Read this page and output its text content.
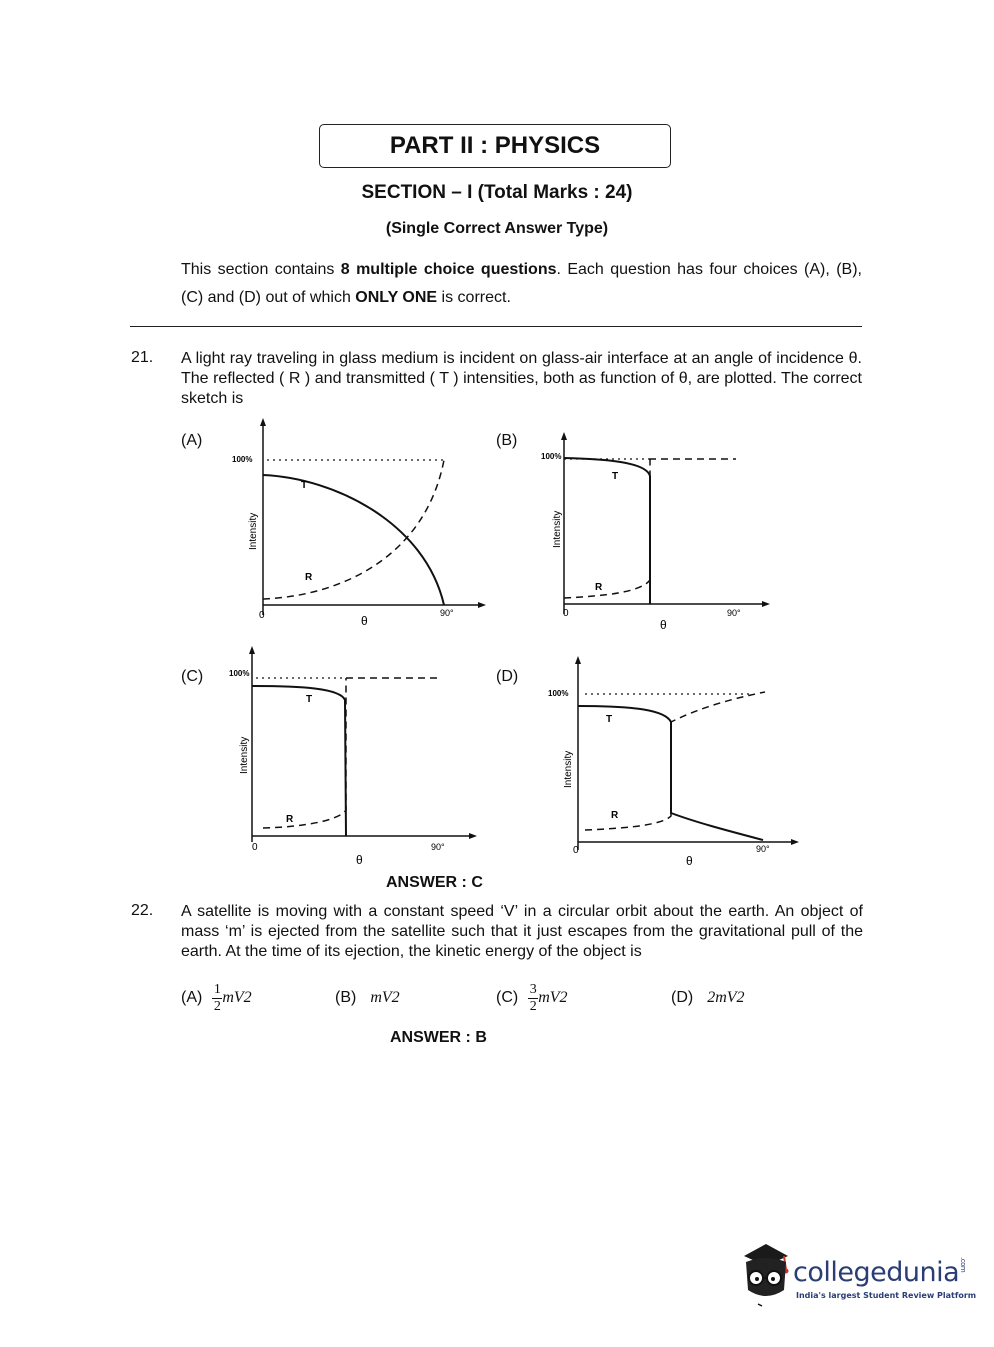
PART II : PHYSICS
SECTION – I (Total Marks : 24)
(Single Correct Answer Type)
This section contains 8 multiple choice questions. Each question has four choices (A), (B), (C) and (D) out of which ONLY ONE is correct.
21. A light ray traveling in glass medium is incident on glass-air interface at an angle of incidence θ. The reflected ( R ) and transmitted ( T ) intensities, both as function of θ, are plotted. The correct sketch is
(A)	(B)
(C)	(D)
100%
Intensity
0	90°
θ
T
R
100%
Intensity
0	90°
θ
T
R
100%
Intensity
0	90°
θ
T
R
100%
Intensity
0	90°
θ
T
R
ANSWER : C
22. A satellite is moving with a constant speed ‘V’ in a circular orbit about the earth. An object of mass ‘m’ is ejected from the satellite such that it just escapes from the gravitational pull of the earth. At the time of its ejection, the kinetic energy of the object is
$(A) \frac{1}{2}$ mV 2	(B) mV 2	$(C) \frac{3}{2}$ mV 2	(D) 2mV 2
ANSWER : B
collegedunia.com
India's largest Student Review Platform
